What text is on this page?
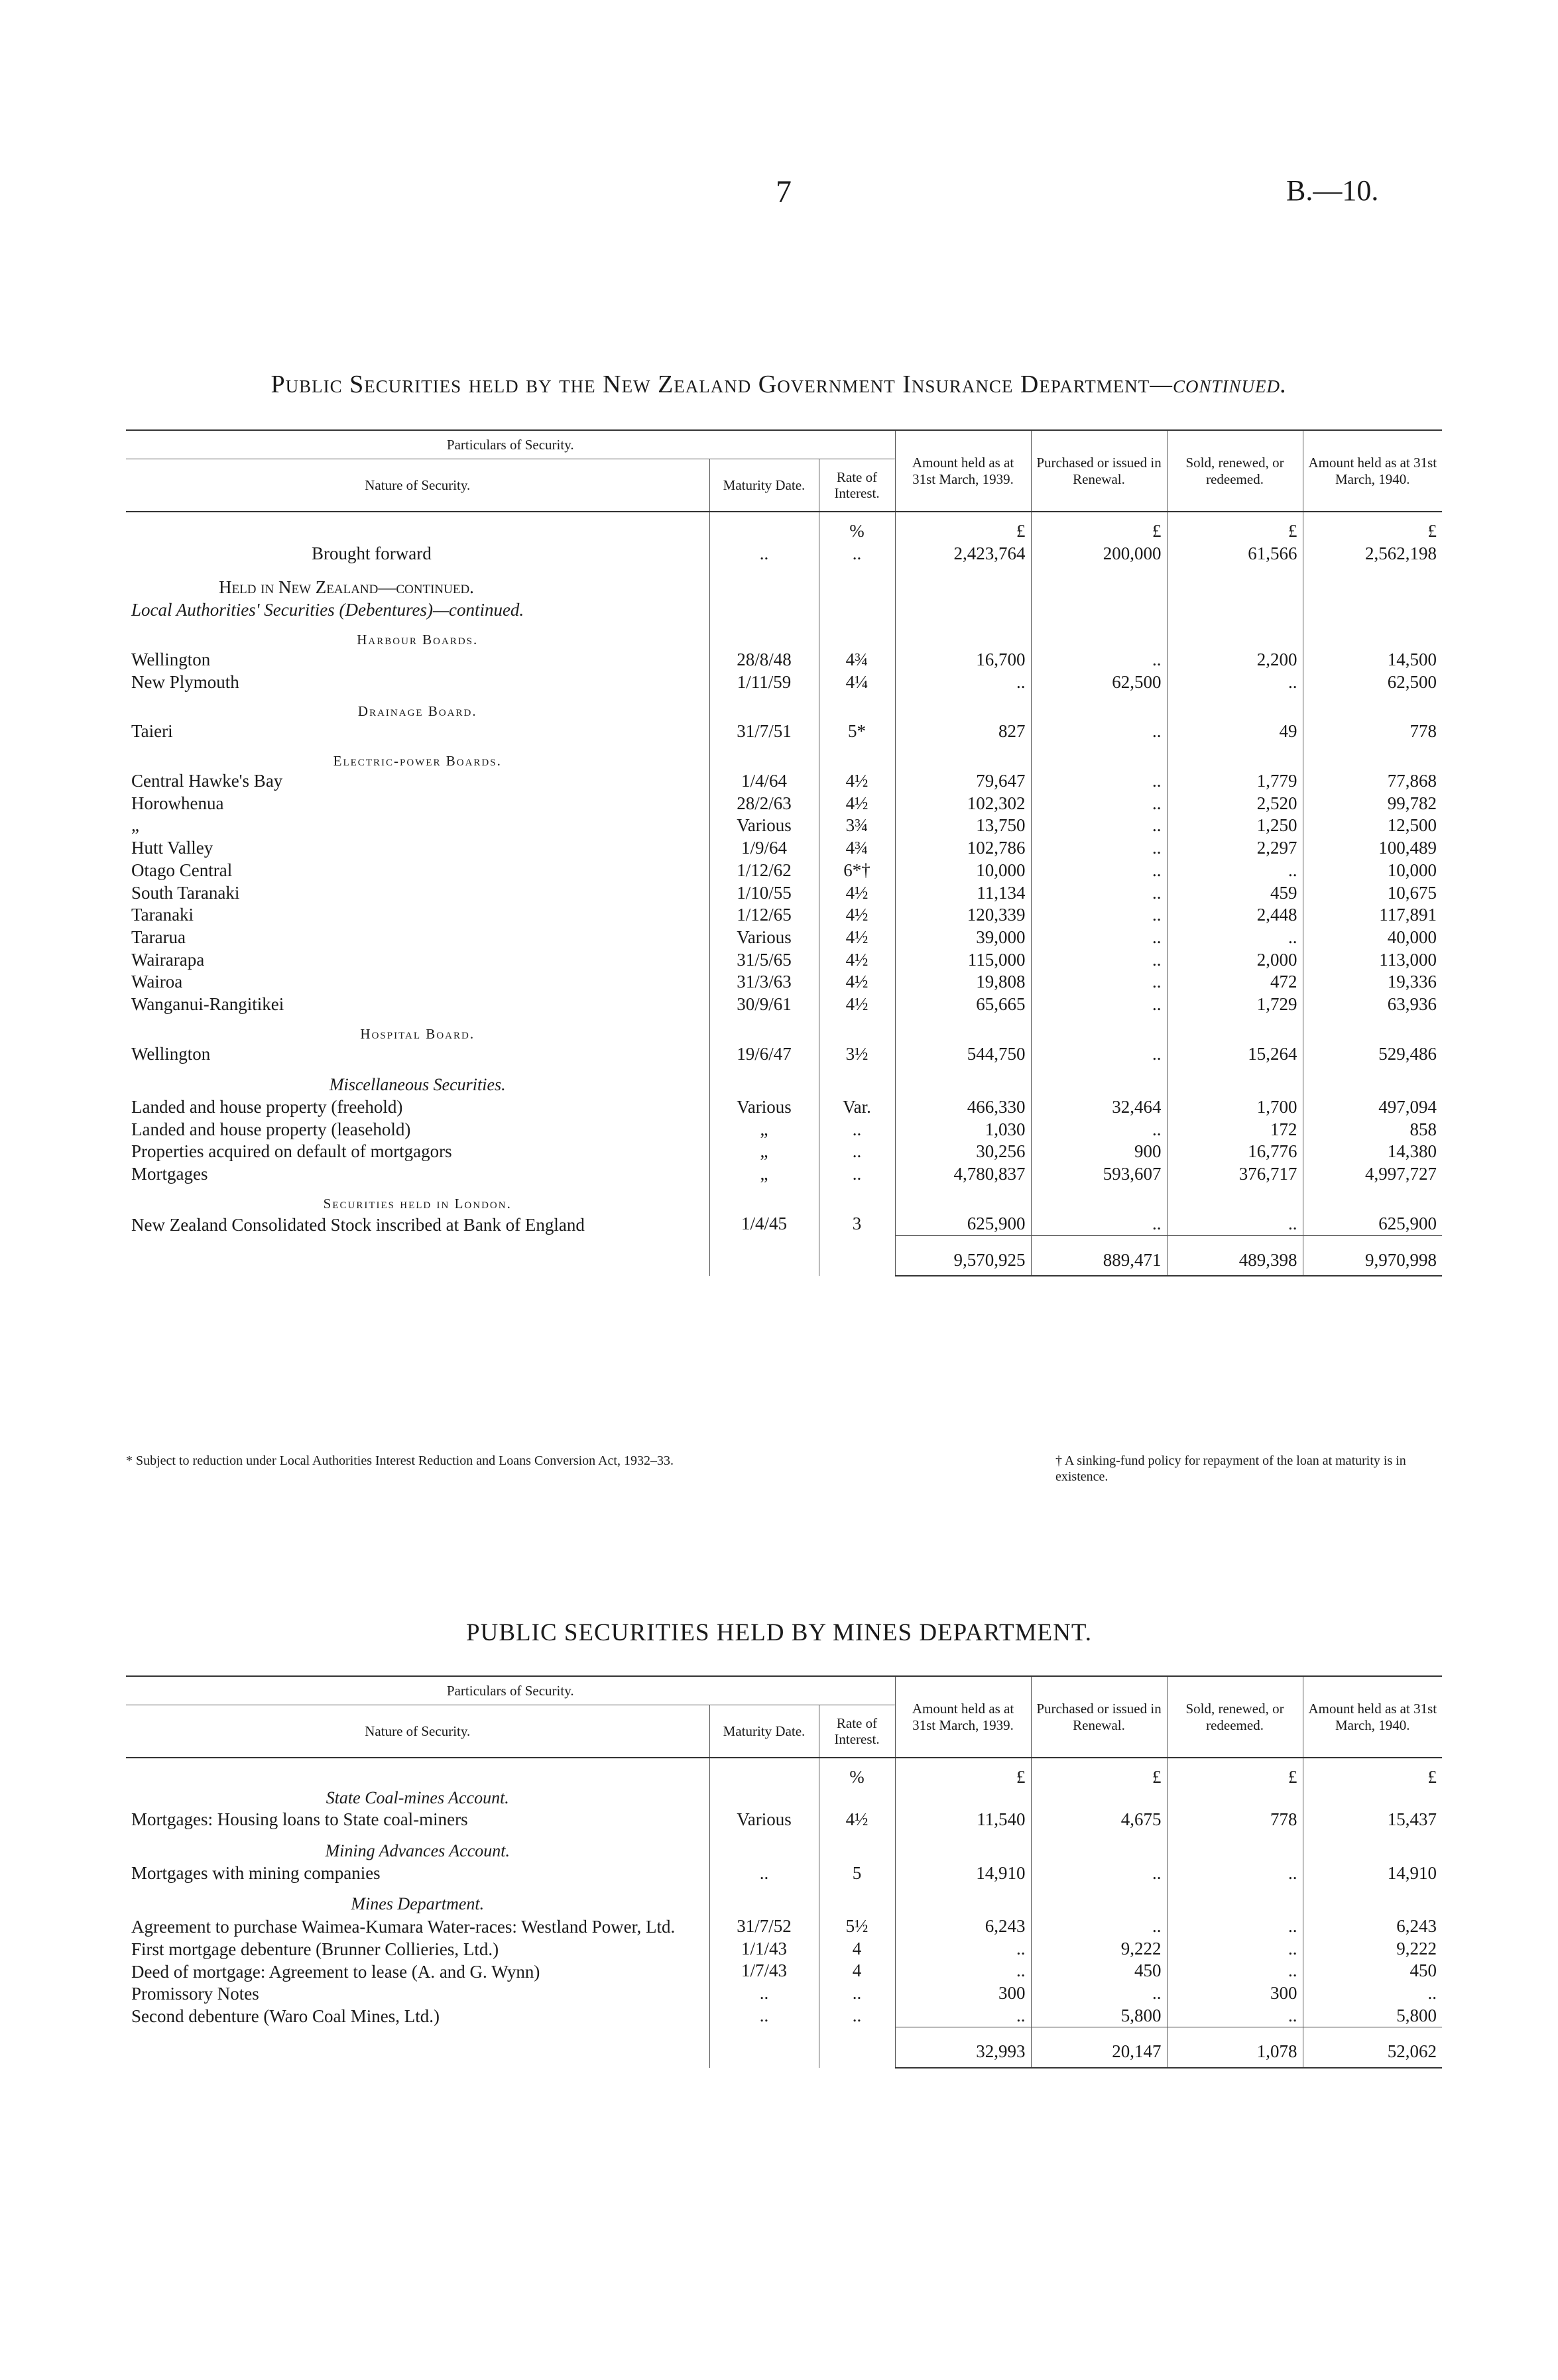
7	B.—10.
Public Securities held by the New Zealand Government Insurance Department—continued.
Particulars of Security.			Amount held as at 31st March, 1939.	Purchased or issued in Renewal.	Sold, renewed, or redeemed.	Amount held as at 31st March, 1940.
Nature of Security.	Maturity Date.	Rate of Interest.				
		%	£	£	£	£
Brought forward	..	..	2,423,764	200,000	61,566	2,562,198
Held in New Zealand—continued.						
Local Authorities' Securities (Debentures)—continued.						
Harbour Boards.						
Wellington	28/8/48	4¾	16,700	..	2,200	14,500
New Plymouth	1/11/59	4¼	..	62,500	..	62,500
Drainage Board.						
Taieri	31/7/51	5*	827	..	49	778
Electric-power Boards.						
Central Hawke's Bay	1/4/64	4½	79,647	..	1,779	77,868
Horowhenua	28/2/63	4½	102,302	..	2,520	99,782
„	Various	3¾	13,750	..	1,250	12,500
Hutt Valley	1/9/64	4¾	102,786	..	2,297	100,489
Otago Central	1/12/62	6*†	10,000	..	..	10,000
South Taranaki	1/10/55	4½	11,134	..	459	10,675
Taranaki	1/12/65	4½	120,339	..	2,448	117,891
Tararua	Various	4½	39,000	..	..	40,000
Wairarapa	31/5/65	4½	115,000	..	2,000	113,000
Wairoa	31/3/63	4½	19,808	..	472	19,336
Wanganui-Rangitikei	30/9/61	4½	65,665	..	1,729	63,936
Hospital Board.						
Wellington	19/6/47	3½	544,750	..	15,264	529,486
Miscellaneous Securities.						
Landed and house property (freehold)	Various	Var.	466,330	32,464	1,700	497,094
Landed and house property (leasehold)	„	..	1,030	..	172	858
Properties acquired on default of mortgagors	„	..	30,256	900	16,776	14,380
Mortgages	„	..	4,780,837	593,607	376,717	4,997,727
Securities held in London.						
New Zealand Consolidated Stock inscribed at Bank of England	1/4/45	3	625,900	..	..	625,900
			9,570,925	889,471	489,398	9,970,998
* Subject to reduction under Local Authorities Interest Reduction and Loans Conversion Act, 1932–33.	† A sinking-fund policy for repayment of the loan at maturity is in existence.
PUBLIC SECURITIES HELD BY MINES DEPARTMENT.
Particulars of Security.			Amount held as at 31st March, 1939.	Purchased or issued in Renewal.	Sold, renewed, or redeemed.	Amount held as at 31st March, 1940.
Nature of Security.	Maturity Date.	Rate of Interest.				
		%	£	£	£	£
State Coal-mines Account.						
Mortgages: Housing loans to State coal-miners	Various	4½	11,540	4,675	778	15,437
Mining Advances Account.						
Mortgages with mining companies	..	5	14,910	..	..	14,910
Mines Department.						
Agreement to purchase Waimea-Kumara Water-races: Westland Power, Ltd.	31/7/52	5½	6,243	..	..	6,243
First mortgage debenture (Brunner Collieries, Ltd.)	1/1/43	4	..	9,222	..	9,222
Deed of mortgage: Agreement to lease (A. and G. Wynn)	1/7/43	4	..	450	..	450
Promissory Notes	..	..	300	..	300	..
Second debenture (Waro Coal Mines, Ltd.)	..	..	..	5,800	..	5,800
			32,993	20,147	1,078	52,062
